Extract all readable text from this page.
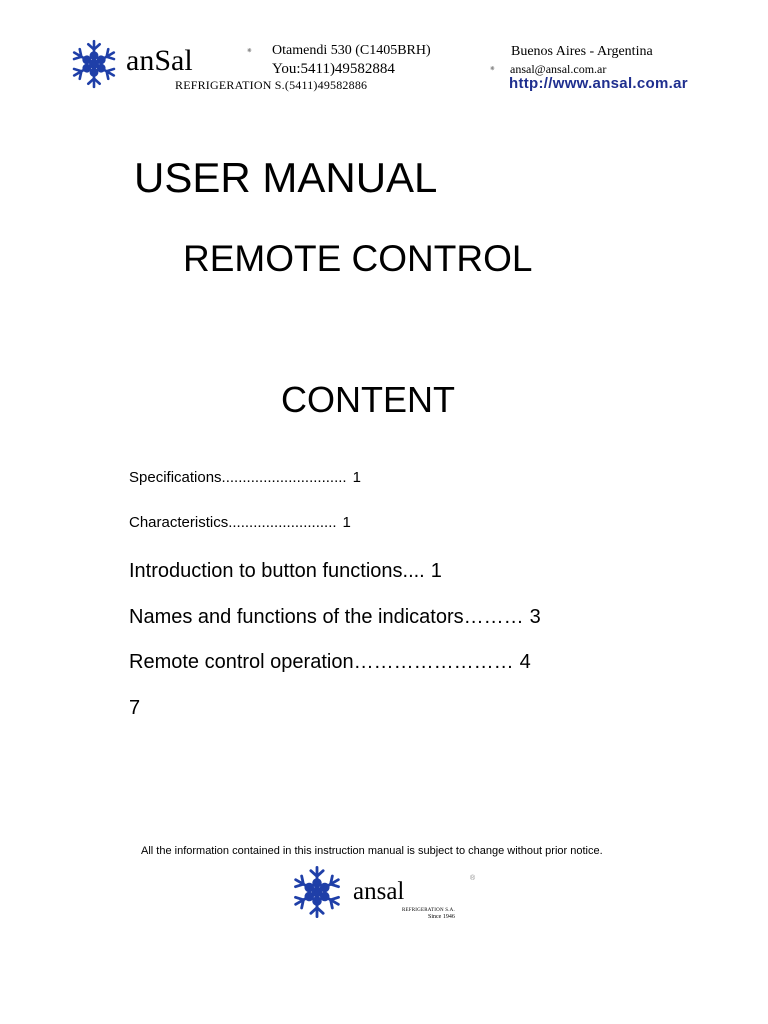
anSal
REFRIGERATION S.(5411)49582886
⁕ Otamendi 530 (C1405BRH)
You:5411)49582884
Buenos Aires - Argentina
⁕ ansal@ansal.com.ar
http://www.ansal.com.ar
USER MANUAL
REMOTE CONTROL
CONTENT
Specifications.............................. 1
Characteristics.......................... 1
Introduction to button functions.... 1
Names and functions of the indicators……… 3
Remote control operation…………………… 4
7
All the information contained in this instruction manual is subject to change without prior notice.
ansal	®
REFRIGERATION S.A.
Since 1946
